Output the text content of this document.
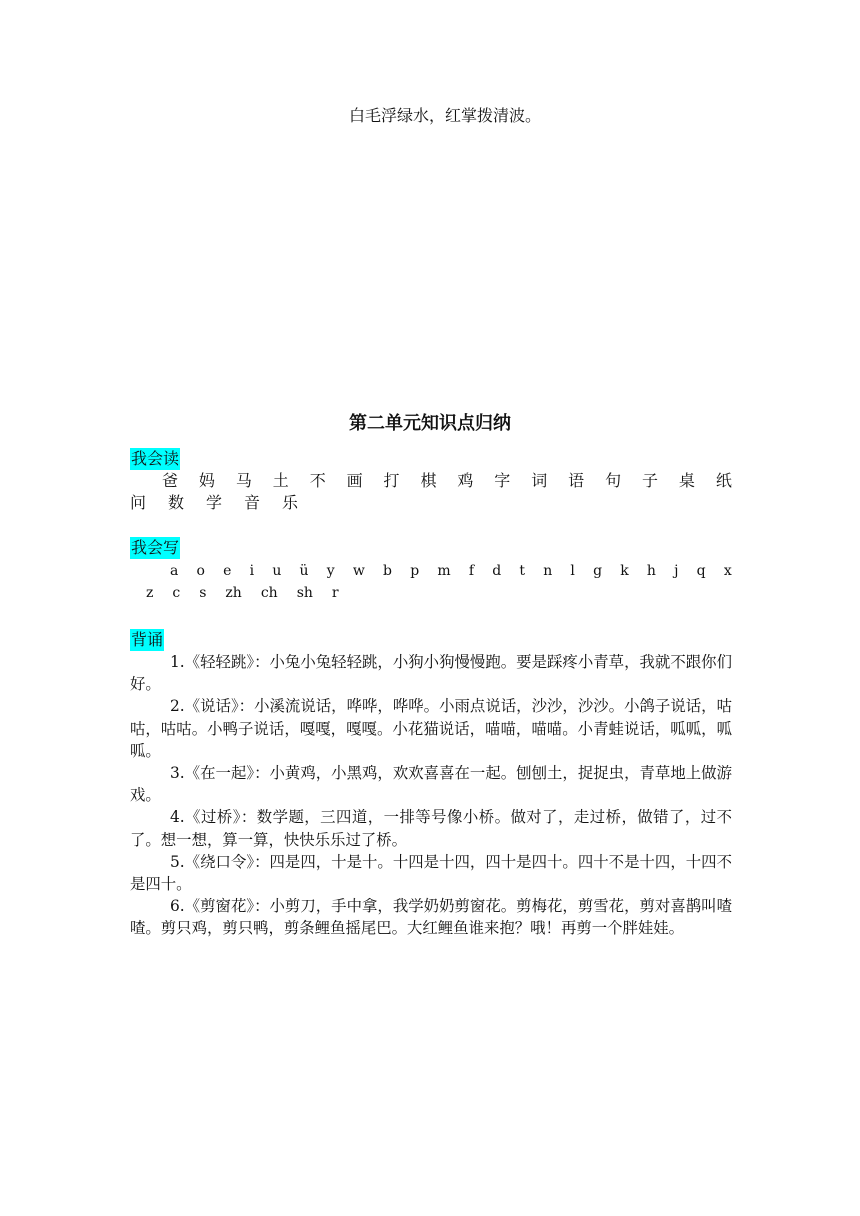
白毛浮绿水，红掌拨清波。
第二单元知识点归纳
我会读
爸 妈 马 土 不 画 打 棋 鸡 字 词 语 句 子 桌 纸
问	数	学	音	乐
我会写
a o e i u ü y w b p m f d t n l g k h j q x
z c s zh ch sh r
背诵

1.《轻轻跳》：小兔小兔轻轻跳，小狗小狗慢慢跑。要是踩疼小青草，我就不跟你们好。

2.《说话》：小溪流说话，哗哗，哗哗。小雨点说话，沙沙，沙沙。小鸽子说话，咕咕，咕咕。小鸭子说话，嘎嘎，嘎嘎。小花猫说话，喵喵，喵喵。小青蛙说话，呱呱，呱呱。

3.《在一起》：小黄鸡，小黑鸡，欢欢喜喜在一起。刨刨土，捉捉虫，青草地上做游戏。

4.《过桥》：数学题，三四道，一排等号像小桥。做对了，走过桥，做错了，过不了。想一想，算一算，快快乐乐过了桥。

5.《绕口令》：四是四，十是十。十四是十四，四十是四十。四十不是十四，十四不是四十。

6.《剪窗花》：小剪刀，手中拿，我学奶奶剪窗花。剪梅花，剪雪花，剪对喜鹊叫喳喳。剪只鸡，剪只鸭，剪条鲤鱼摇尾巴。大红鲤鱼谁来抱？哦！再剪一个胖娃娃。
